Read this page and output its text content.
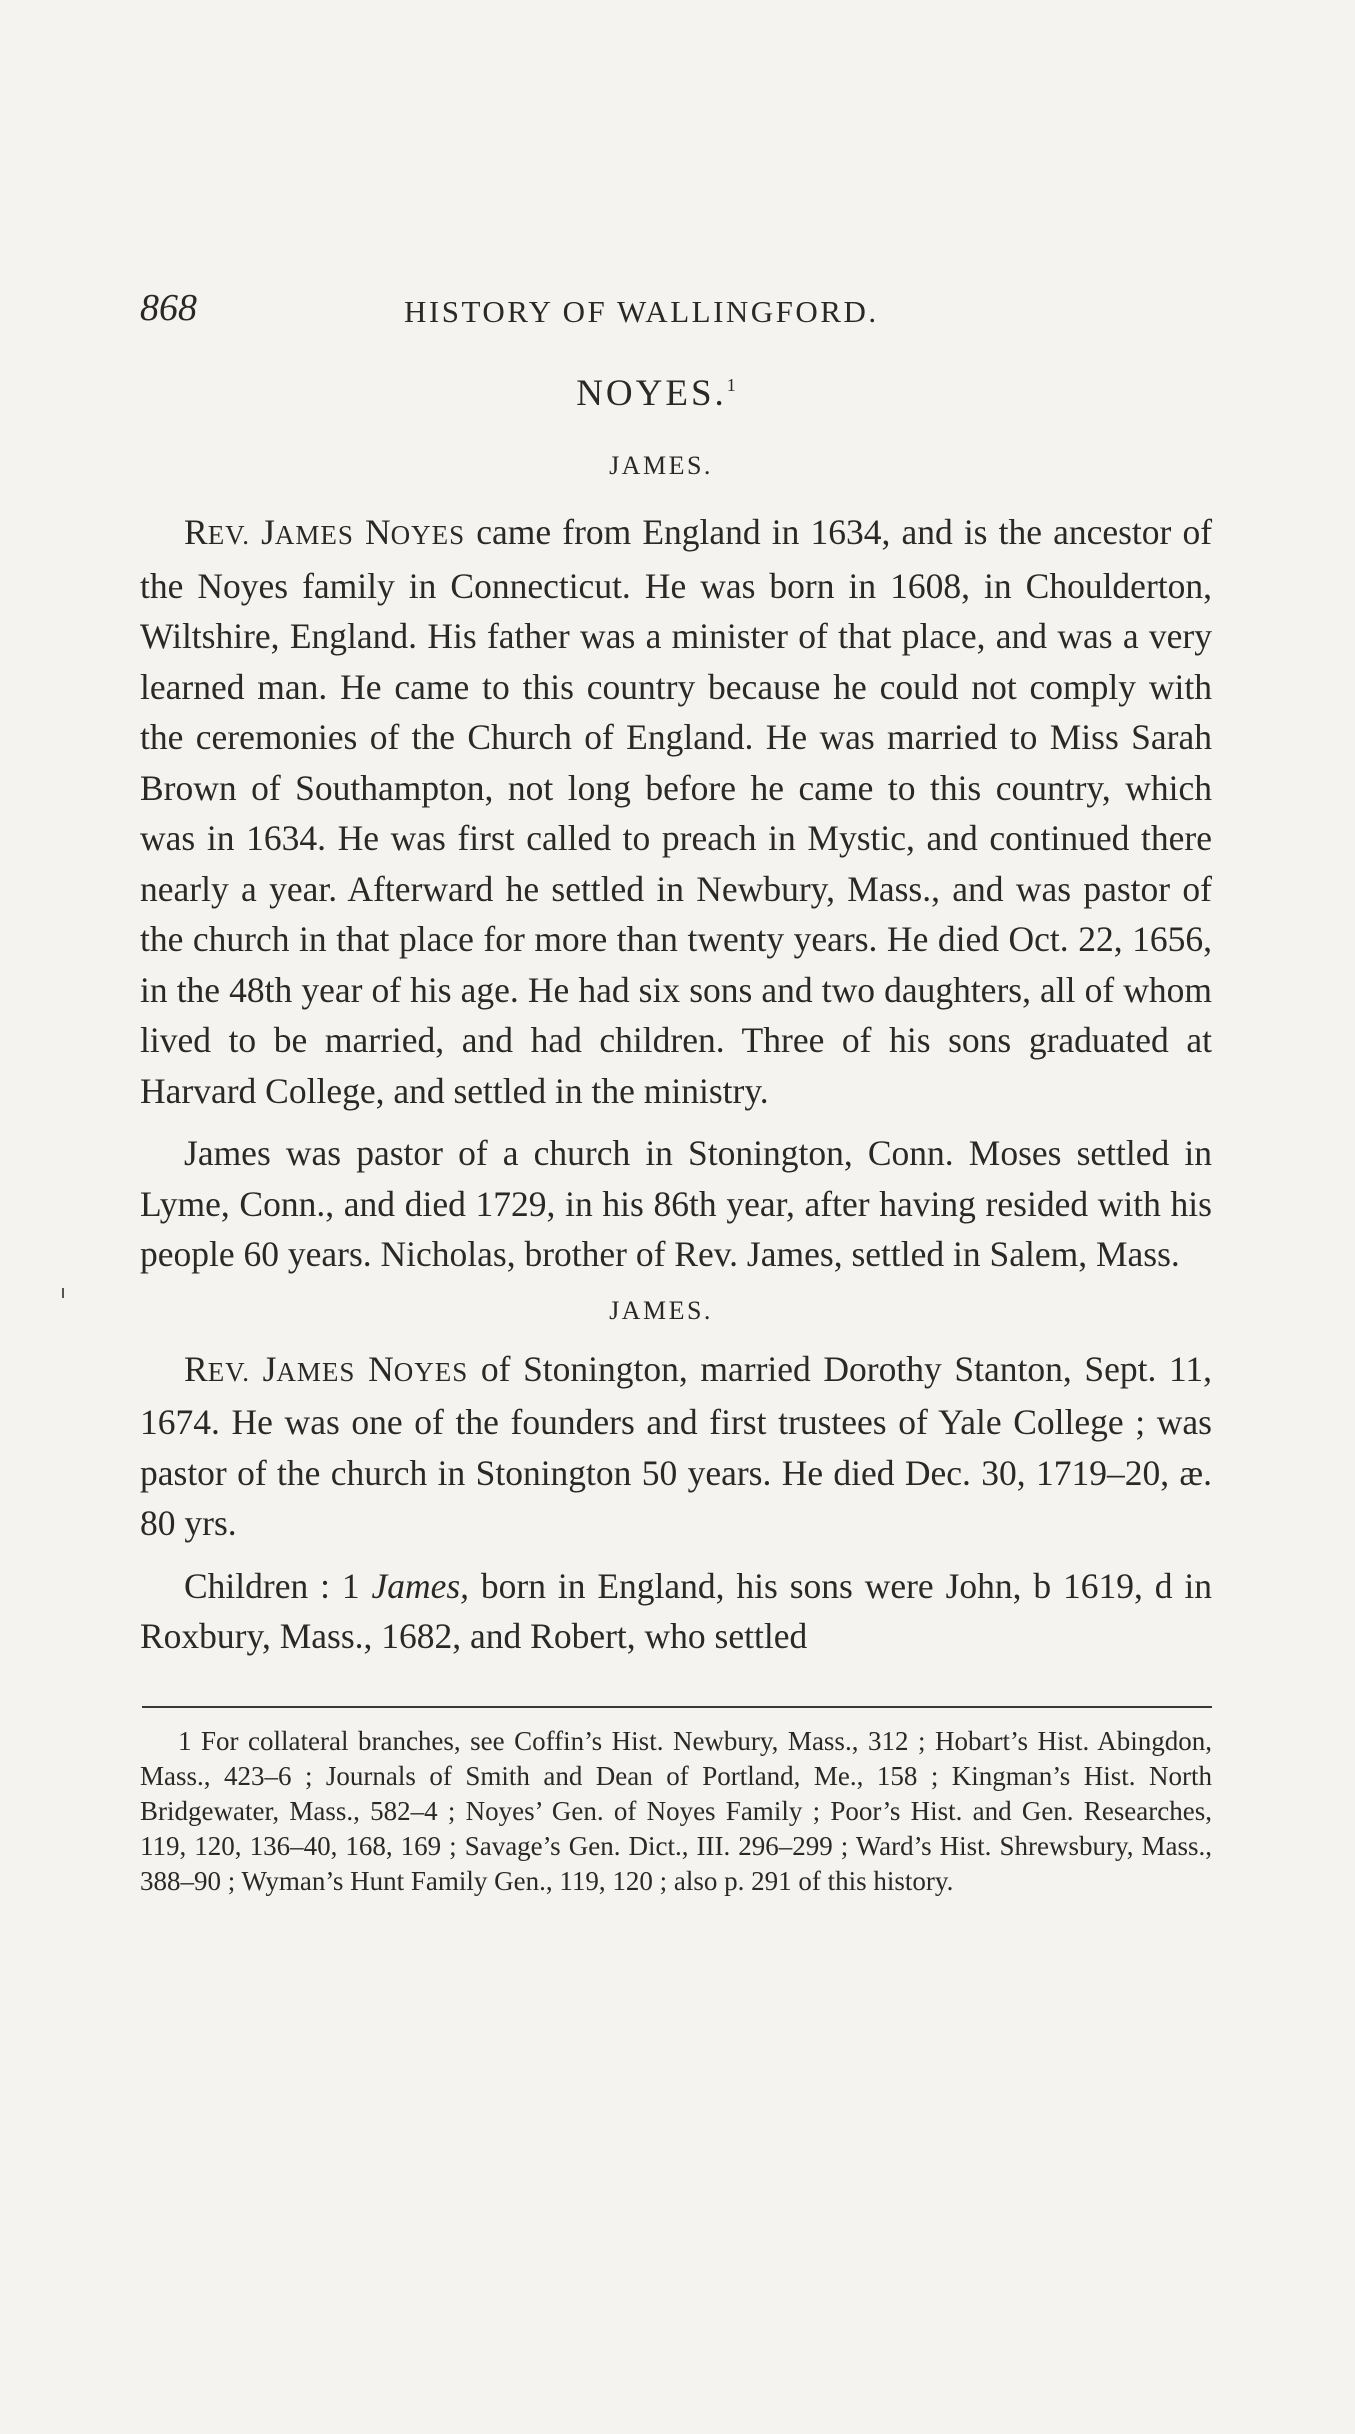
868	HISTORY OF WALLINGFORD.
NOYES.$^1$
JAMES.

REV. JAMES NOYES came from England in 1634, and is the ancestor of the Noyes family in Connecticut. He was born in 1608, in Choulderton, Wiltshire, England. His father was a minister of that place, and was a very learned man. He came to this country because he could not comply with the ceremonies of the Church of England. He was married to Miss Sarah Brown of Southampton, not long before he came to this country, which was in 1634. He was first called to preach in Mystic, and continued there nearly a year. Afterward he settled in Newbury, Mass., and was pastor of the church in that place for more than twenty years. He died Oct. 22, 1656, in the 48th year of his age. He had six sons and two daughters, all of whom lived to be married, and had children. Three of his sons graduated at Harvard College, and settled in the ministry.

James was pastor of a church in Stonington, Conn. Moses settled in Lyme, Conn., and died 1729, in his 86th year, after having resided with his people 60 years. Nicholas, brother of Rev. James, settled in Salem, Mass.

JAMES.

REV. JAMES NOYES of Stonington, married Dorothy Stanton, Sept. 11, 1674. He was one of the founders and first trustees of Yale College ; was pastor of the church in Stonington 50 years. He died Dec. 30, 1719–20, æ. 80 yrs.

Children : 1 James, born in England, his sons were John, b 1619, d in Roxbury, Mass., 1682, and Robert, who settled

1 For collateral branches, see Coffin’s Hist. Newbury, Mass., 312 ; Hobart’s Hist. Abingdon, Mass., 423–6 ; Journals of Smith and Dean of Portland, Me., 158 ; Kingman’s Hist. North Bridgewater, Mass., 582–4 ; Noyes’ Gen. of Noyes Family ; Poor’s Hist. and Gen. Researches, 119, 120, 136–40, 168, 169 ; Savage’s Gen. Dict., III. 296–299 ; Ward’s Hist. Shrewsbury, Mass., 388–90 ; Wyman’s Hunt Family Gen., 119, 120 ; also p. 291 of this history.
